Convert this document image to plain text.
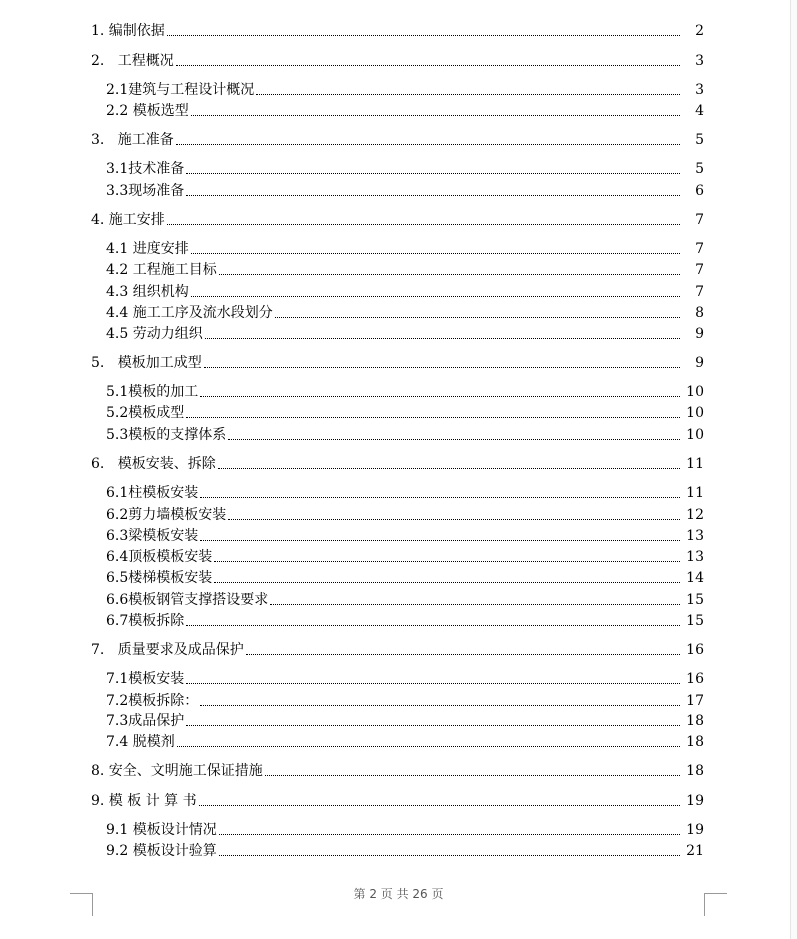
1. 编制依据	2
2.   工程概况	3
2.1建筑与工程设计概况	3
2.2 模板选型	4
3.   施工准备	5
3.1技术准备	5
3.3现场准备	6
4. 施工安排	7
4.1 进度安排	7
4.2 工程施工目标	7
4.3 组织机构	7
4.4 施工工序及流水段划分	8
4.5 劳动力组织	9
5.   模板加工成型	9
5.1模板的加工	10
5.2模板成型	10
5.3模板的支撑体系	10
6.   模板安装、拆除	11
6.1柱模板安装	11
6.2剪力墙模板安装	12
6.3梁模板安装	13
6.4顶板模板安装	13
6.5楼梯模板安装	14
6.6模板钢管支撑搭设要求	15
6.7模板拆除	15
7.   质量要求及成品保护	16
7.1模板安装	16
7.2模板拆除：	17
7.3成品保护	18
7.4 脱模剂	18
8. 安全、文明施工保证措施	18
9. 模 板 计 算 书	19
9.1 模板设计情况	19
9.2 模板设计验算	21
第 2 页 共 26 页
